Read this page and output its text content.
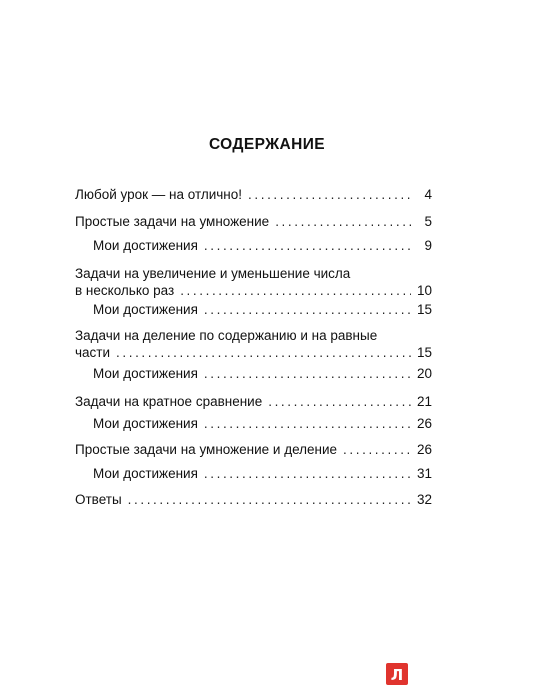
СОДЕРЖАНИЕ
Любой урок — на отлично! .....	4
Простые задачи на умножение .....	5
Мои достижения .....	9
Задачи на увеличение и уменьшение числа
в несколько раз .....	10
Мои достижения .....	15
Задачи на деление по содержанию и на равные
части .....	15
Мои достижения .....	20
Задачи на кратное сравнение .....	21
Мои достижения .....	26
Простые задачи на умножение и деление .....	26
Мои достижения .....	31
Ответы .....	32
Л
